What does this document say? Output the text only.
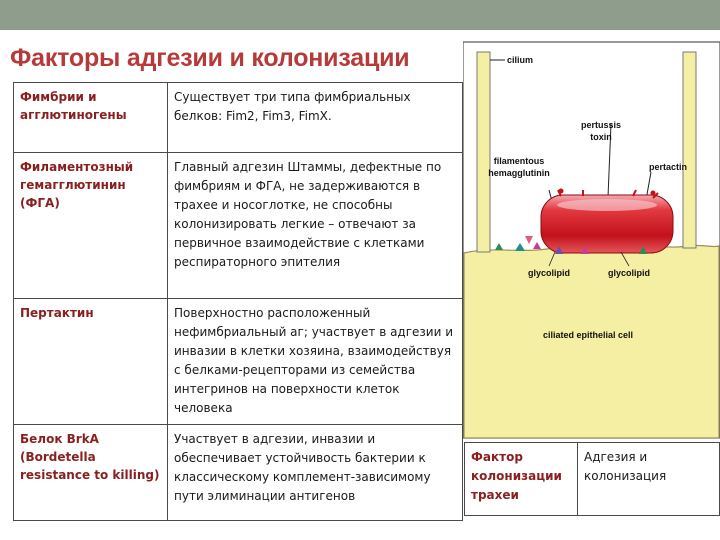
Факторы адгезии и колонизации
Фимбрии и агглютиногены	Существует три типа фимбриальных белков: Fim2, Fim3, FimX.
Филаментозный гемагглютинин (ФГА)	Главный адгезин Штаммы, дефектные по фимбриям и ФГА, не задерживаются в трахее и носоглотке, не способны колонизировать легкие – отвечают за первичное взаимодействие с клетками респираторного эпителия
Пертактин	Поверхностно расположенный нефимбриальный аг; участвует в адгезии и инвазии в клетки хозяина, взаимодействуя с белками-рецепторами из семейства интегринов на поверхности клеток человека
Белок BrkA (Bordetella resistance to killing)	Участвует в адгезии, инвазии и обеспечивает устойчивость бактерии к классическому комплемент-зависимому пути элиминации антигенов
cilium
pertussis
toxin
filamentous
hemagglutinin
pertactin
glycolipid	glycolipid
ciliated epithelial cell
Фактор колонизации трахеи	Адгезия и колонизация
